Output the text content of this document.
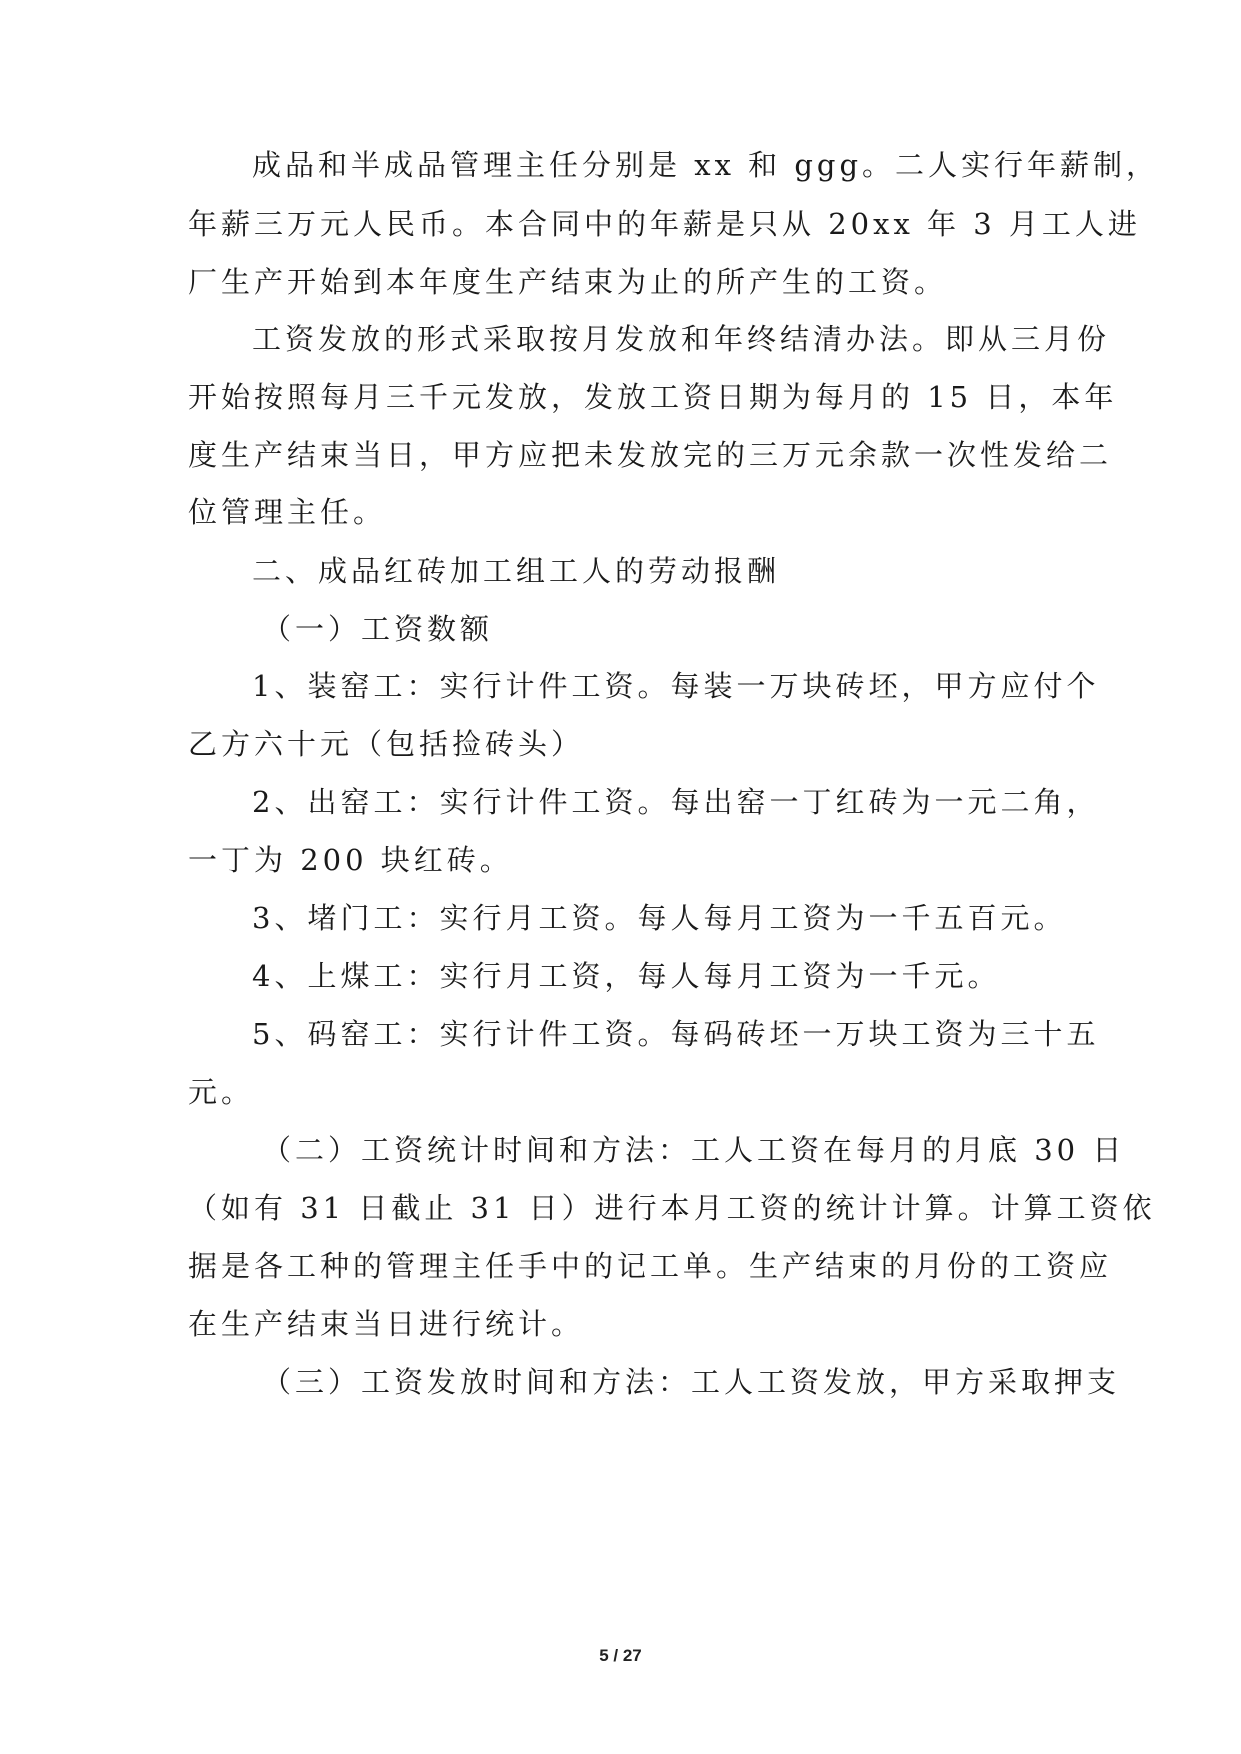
成品和半成品管理主任分别是 xx 和 ggg。二人实行年薪制，
年薪三万元人民币。本合同中的年薪是只从 20xx 年 3 月工人进
厂生产开始到本年度生产结束为止的所产生的工资。
工资发放的形式采取按月发放和年终结清办法。即从三月份
开始按照每月三千元发放，发放工资日期为每月的 15 日，本年
度生产结束当日，甲方应把未发放完的三万元余款一次性发给二
位管理主任。
二、成品红砖加工组工人的劳动报酬
（一）工资数额
1、装窑工：实行计件工资。每装一万块砖坯，甲方应付个
乙方六十元（包括捡砖头）
2、出窑工：实行计件工资。每出窑一丁红砖为一元二角，
一丁为 200 块红砖。
3、堵门工：实行月工资。每人每月工资为一千五百元。
4、上煤工：实行月工资，每人每月工资为一千元。
5、码窑工：实行计件工资。每码砖坯一万块工资为三十五
元。
（二）工资统计时间和方法：工人工资在每月的月底 30 日
（如有 31 日截止 31 日）进行本月工资的统计计算。计算工资依
据是各工种的管理主任手中的记工单。生产结束的月份的工资应
在生产结束当日进行统计。
（三）工资发放时间和方法：工人工资发放，甲方采取押支
5 / 27
